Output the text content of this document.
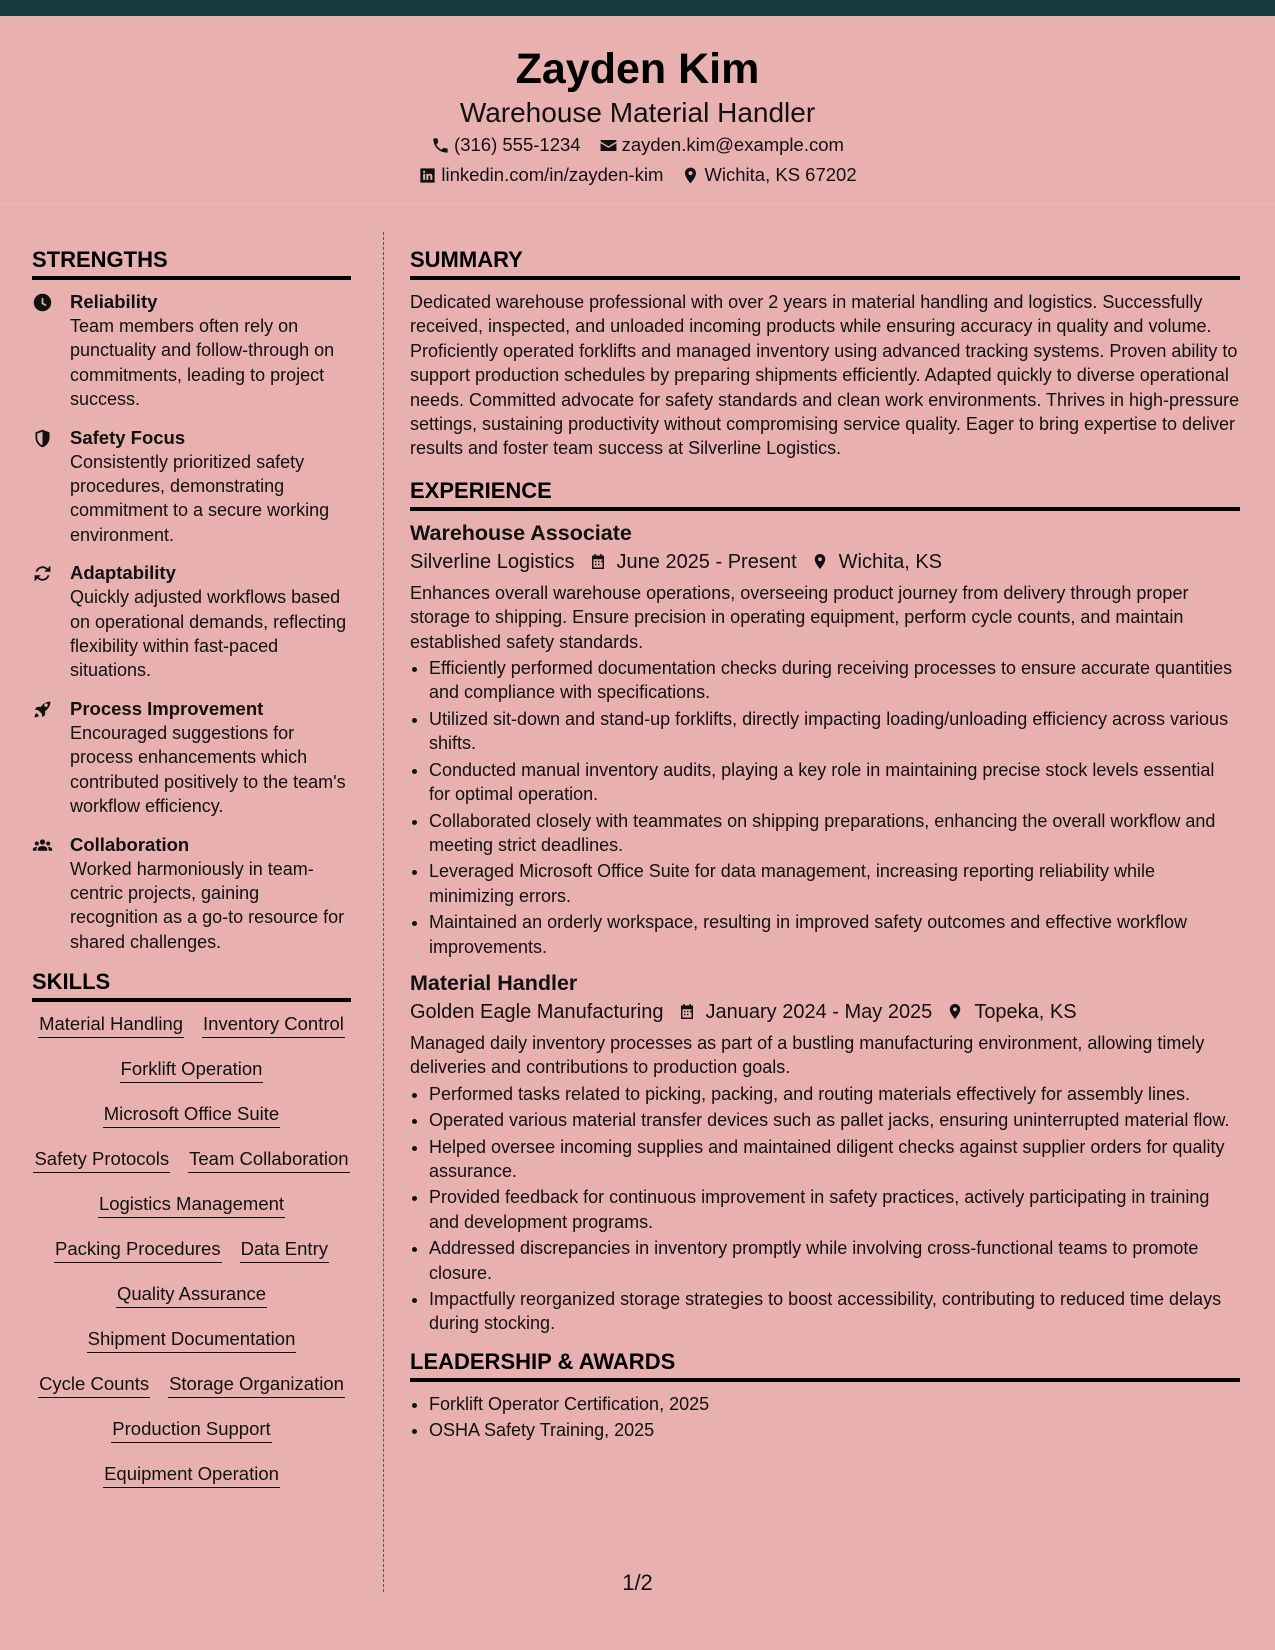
Zayden Kim
Warehouse Material Handler
(316) 555-1234 zayden.kim@example.com
linkedin.com/in/zayden-kim Wichita, KS 67202
STRENGTHS
Reliability
Team members often rely on punctuality and follow-through on commitments, leading to project success.
Safety Focus
Consistently prioritized safety procedures, demonstrating commitment to a secure working environment.
Adaptability
Quickly adjusted workflows based on operational demands, reflecting flexibility within fast-paced situations.
Process Improvement
Encouraged suggestions for process enhancements which contributed positively to the team's workflow efficiency.
Collaboration
Worked harmoniously in team-centric projects, gaining recognition as a go-to resource for shared challenges.
SKILLS
Material Handling Inventory Control
Forklift Operation
Microsoft Office Suite
Safety Protocols Team Collaboration
Logistics Management
Packing Procedures Data Entry
Quality Assurance
Shipment Documentation
Cycle Counts Storage Organization
Production Support
Equipment Operation
SUMMARY
Dedicated warehouse professional with over 2 years in material handling and logistics. Successfully received, inspected, and unloaded incoming products while ensuring accuracy in quality and volume. Proficiently operated forklifts and managed inventory using advanced tracking systems. Proven ability to support production schedules by preparing shipments efficiently. Adapted quickly to diverse operational needs. Committed advocate for safety standards and clean work environments. Thrives in high-pressure settings, sustaining productivity without compromising service quality. Eager to bring expertise to deliver results and foster team success at Silverline Logistics.
EXPERIENCE
Warehouse Associate
Silverline Logistics June 2025 - Present Wichita, KS
Enhances overall warehouse operations, overseeing product journey from delivery through proper storage to shipping. Ensure precision in operating equipment, perform cycle counts, and maintain established safety standards.
• Efficiently performed documentation checks during receiving processes to ensure accurate quantities and compliance with specifications.
• Utilized sit-down and stand-up forklifts, directly impacting loading/unloading efficiency across various shifts.
• Conducted manual inventory audits, playing a key role in maintaining precise stock levels essential for optimal operation.
• Collaborated closely with teammates on shipping preparations, enhancing the overall workflow and meeting strict deadlines.
• Leveraged Microsoft Office Suite for data management, increasing reporting reliability while minimizing errors.
• Maintained an orderly workspace, resulting in improved safety outcomes and effective workflow improvements.
Material Handler
Golden Eagle Manufacturing January 2024 - May 2025 Topeka, KS
Managed daily inventory processes as part of a bustling manufacturing environment, allowing timely deliveries and contributions to production goals.
• Performed tasks related to picking, packing, and routing materials effectively for assembly lines.
• Operated various material transfer devices such as pallet jacks, ensuring uninterrupted material flow.
• Helped oversee incoming supplies and maintained diligent checks against supplier orders for quality assurance.
• Provided feedback for continuous improvement in safety practices, actively participating in training and development programs.
• Addressed discrepancies in inventory promptly while involving cross-functional teams to promote closure.
• Impactfully reorganized storage strategies to boost accessibility, contributing to reduced time delays during stocking.
LEADERSHIP & AWARDS
• Forklift Operator Certification, 2025
• OSHA Safety Training, 2025
1/2
